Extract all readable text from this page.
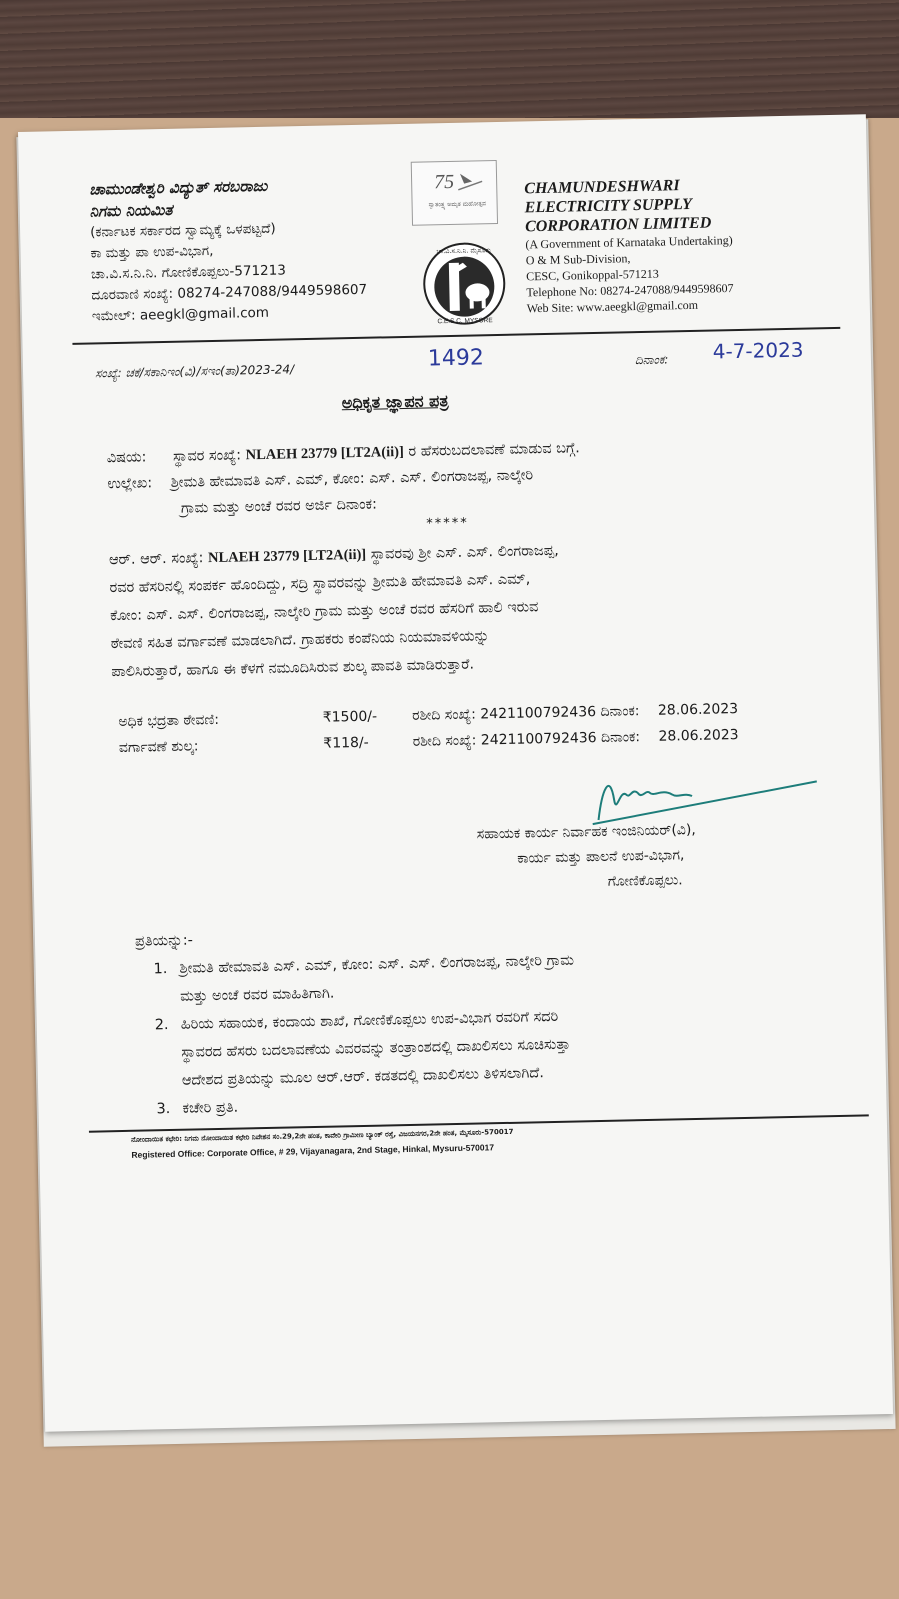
ಚಾಮುಂಡೇಶ್ವರಿ ವಿದ್ಯುತ್ ಸರಬರಾಜು
ನಿಗಮ ನಿಯಮಿತ
(ಕರ್ನಾಟಕ ಸರ್ಕಾರದ ಸ್ವಾಮ್ಯಕ್ಕೆ ಒಳಪಟ್ಟದೆ)
ಕಾ ಮತ್ತು ಪಾ ಉಪ-ವಿಭಾಗ,
ಚಾ.ವಿ.ಸ.ನಿ.ನಿ. ಗೋಣಿಕೊಪ್ಪಲು-571213
ದೂರವಾಣಿ ಸಂಖ್ಯೆ: 08274-247088/9449598607
ಇಮೇಲ್: aeegkl@gmail.com
75
ಸ್ವಾತಂತ್ರ್ಯ ಅಮೃತ ಮಹೋತ್ಸವ
ಚಾ.ವಿ.ಸ.ನಿ.ನಿ. ಮೈಸೂರು
C.E.S.C. MYSORE
CHAMUNDESHWARI
ELECTRICITY SUPPLY
CORPORATION LIMITED
(A Government of Karnataka Undertaking)
O & M Sub-Division,
CESC, Gonikoppal-571213
Telephone No: 08274-247088/9449598607
Web Site: www.aeegkl@gmail.com
ಸಂಖ್ಯೆ: ಚಕೆ/ಸಕಾನಿಇಂ(ವಿ)/ಸಇಂ(ತಾ)2023-24/	1492	ದಿನಾಂಕ: 4-7-2023
ಅಧಿಕೃತ ಜ್ಞಾಪನ ಪತ್ರ
ವಿಷಯ: ಸ್ಥಾವರ ಸಂಖ್ಯೆ: NLAEH 23779 [LT2A(ii)] ರ ಹೆಸರುಬದಲಾವಣೆ ಮಾಡುವ ಬಗ್ಗೆ.
ಉಲ್ಲೇಖ: ಶ್ರೀಮತಿ ಹೇಮಾವತಿ ಎಸ್. ಎಮ್, ಕೋಂ: ಎಸ್. ಎಸ್. ಲಿಂಗರಾಜಪ್ಪ, ನಾಲ್ಕೇರಿ
ಗ್ರಾಮ ಮತ್ತು ಅಂಚೆ ರವರ ಅರ್ಜಿ ದಿನಾಂಕ:
*****
ಆರ್. ಆರ್. ಸಂಖ್ಯೆ: NLAEH 23779 [LT2A(ii)] ಸ್ಥಾವರವು ಶ್ರೀ ಎಸ್. ಎಸ್. ಲಿಂಗರಾಜಪ್ಪ,
ರವರ ಹೆಸರಿನಲ್ಲಿ ಸಂಪರ್ಕ ಹೊಂದಿದ್ದು, ಸದ್ರಿ ಸ್ಥಾವರವನ್ನು ಶ್ರೀಮತಿ ಹೇಮಾವತಿ ಎಸ್. ಎಮ್,
ಕೋಂ: ಎಸ್. ಎಸ್. ಲಿಂಗರಾಜಪ್ಪ, ನಾಲ್ಕೇರಿ ಗ್ರಾಮ ಮತ್ತು ಅಂಚೆ ರವರ ಹೆಸರಿಗೆ ಹಾಲಿ ಇರುವ
ಠೇವಣಿ ಸಹಿತ ವರ್ಗಾವಣೆ ಮಾಡಲಾಗಿದೆ. ಗ್ರಾಹಕರು ಕಂಪೆನಿಯ ನಿಯಮಾವಳಿಯನ್ನು
ಪಾಲಿಸಿರುತ್ತಾರೆ, ಹಾಗೂ ಈ ಕೆಳಗೆ ನಮೂದಿಸಿರುವ ಶುಲ್ಕ ಪಾವತಿ ಮಾಡಿರುತ್ತಾರೆ.
ಅಧಿಕ ಭದ್ರತಾ ಠೇವಣಿ:	₹1500/- ರಶೀದಿ ಸಂಖ್ಯೆ: 2421100792436 ದಿನಾಂಕ: 28.06.2023
ವರ್ಗಾವಣೆ ಶುಲ್ಕ:	₹118/-	ರಶೀದಿ ಸಂಖ್ಯೆ: 2421100792436 ದಿನಾಂಕ: 28.06.2023
ಸಹಾಯಕ ಕಾರ್ಯ ನಿರ್ವಾಹಕ ಇಂಜಿನಿಯರ್(ವಿ),
ಕಾರ್ಯ ಮತ್ತು ಪಾಲನೆ ಉಪ-ವಿಭಾಗ,
ಗೋಣಿಕೊಪ್ಪಲು.
ಪ್ರತಿಯನ್ನು:-
1. ಶ್ರೀಮತಿ ಹೇಮಾವತಿ ಎಸ್. ಎಮ್, ಕೋಂ: ಎಸ್. ಎಸ್. ಲಿಂಗರಾಜಪ್ಪ, ನಾಲ್ಕೇರಿ ಗ್ರಾಮ
ಮತ್ತು ಅಂಚೆ ರವರ ಮಾಹಿತಿಗಾಗಿ.
2. ಹಿರಿಯ ಸಹಾಯಕ, ಕಂದಾಯ ಶಾಖೆ, ಗೋಣಿಕೊಪ್ಪಲು ಉಪ-ವಿಭಾಗ ರವರಿಗೆ ಸದರಿ
ಸ್ಥಾವರದ ಹೆಸರು ಬದಲಾವಣೆಯ ವಿವರವನ್ನು ತಂತ್ರಾಂಶದಲ್ಲಿ ದಾಖಲಿಸಲು ಸೂಚಿಸುತ್ತಾ
ಆದೇಶದ ಪ್ರತಿಯನ್ನು ಮೂಲ ಆರ್.ಆರ್. ಕಡತದಲ್ಲಿ ದಾಖಲಿಸಲು ತಿಳಿಸಲಾಗಿದೆ.
3. ಕಚೇರಿ ಪ್ರತಿ.
ನೋಂದಾಯಿತ ಕಛೇರಿ: ನಿಗಮ ನೋಂದಾಯಿತ ಕಛೇರಿ ನಿವೇಶನ ಸಂ.29,2ನೇ ಹಂತ, ಕಾವೇರಿ ಗ್ರಾಮೀಣ ಬ್ಯಾಂಕ್ ರಸ್ತೆ, ವಿಜಯನಗರ,2ನೇ ಹಂತ, ಮೈಸೂರು-570017
Registered Office: Corporate Office, # 29, Vijayanagara, 2nd Stage, Hinkal, Mysuru-570017
